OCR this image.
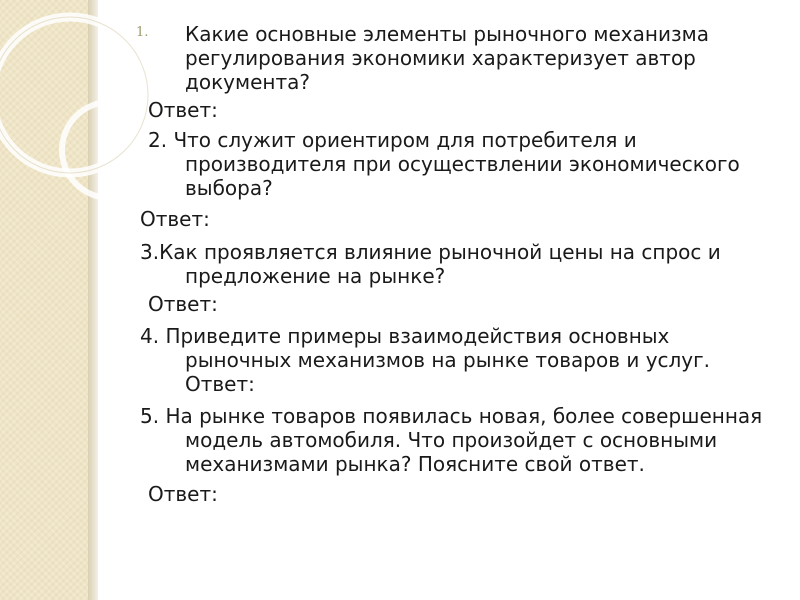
1. Какие основные элементы рыночного механизма

регулирования экономики характеризует автор

документа?

Ответ:

2. Что служит ориентиром для потребителя и

производителя при осуществлении экономического

выбора?

Ответ:

3.Как проявляется влияние рыночной цены на спрос и

предложение на рынке?

Ответ:

4. Приведите примеры взаимодействия основных

рыночных механизмов на рынке товаров и услуг.

Ответ:

5. На рынке товаров появилась новая, более совершенная

модель автомобиля. Что произойдет с основными

механизмами рынка? Поясните свой ответ.

Ответ:
